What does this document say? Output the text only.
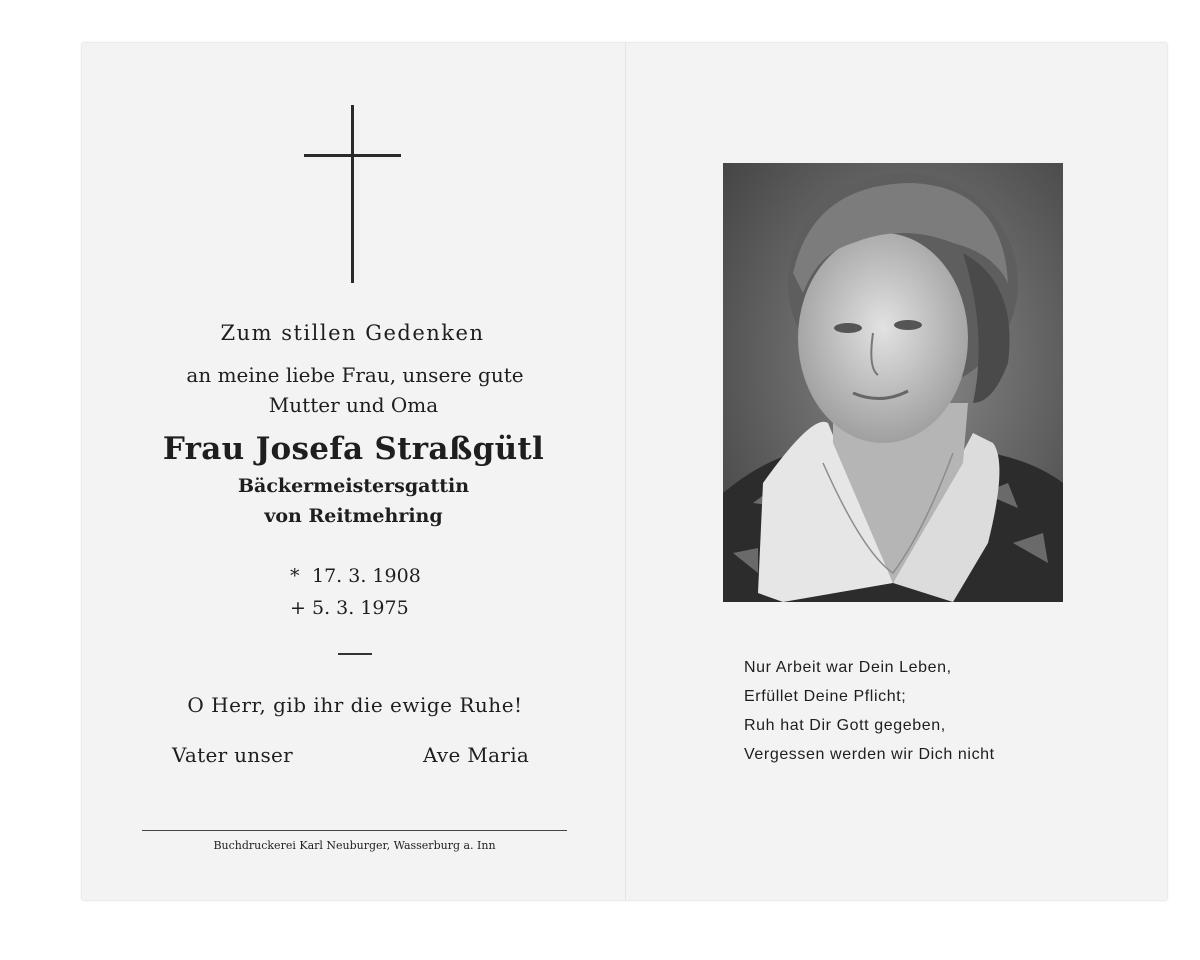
Zum stillen Gedenken
an meine liebe Frau, unsere gute
Mutter und Oma
Frau Josefa Straßgütl
Bäckermeistersgattin
von Reitmehring
* 17. 3. 1908
+ 5. 3. 1975
O Herr, gib ihr die ewige Ruhe!
Vater unser	Ave Maria
Buchdruckerei Karl Neuburger, Wasserburg a. Inn
Nur Arbeit war Dein Leben,
Erfüllet Deine Pflicht;
Ruh hat Dir Gott gegeben,
Vergessen werden wir Dich nicht
